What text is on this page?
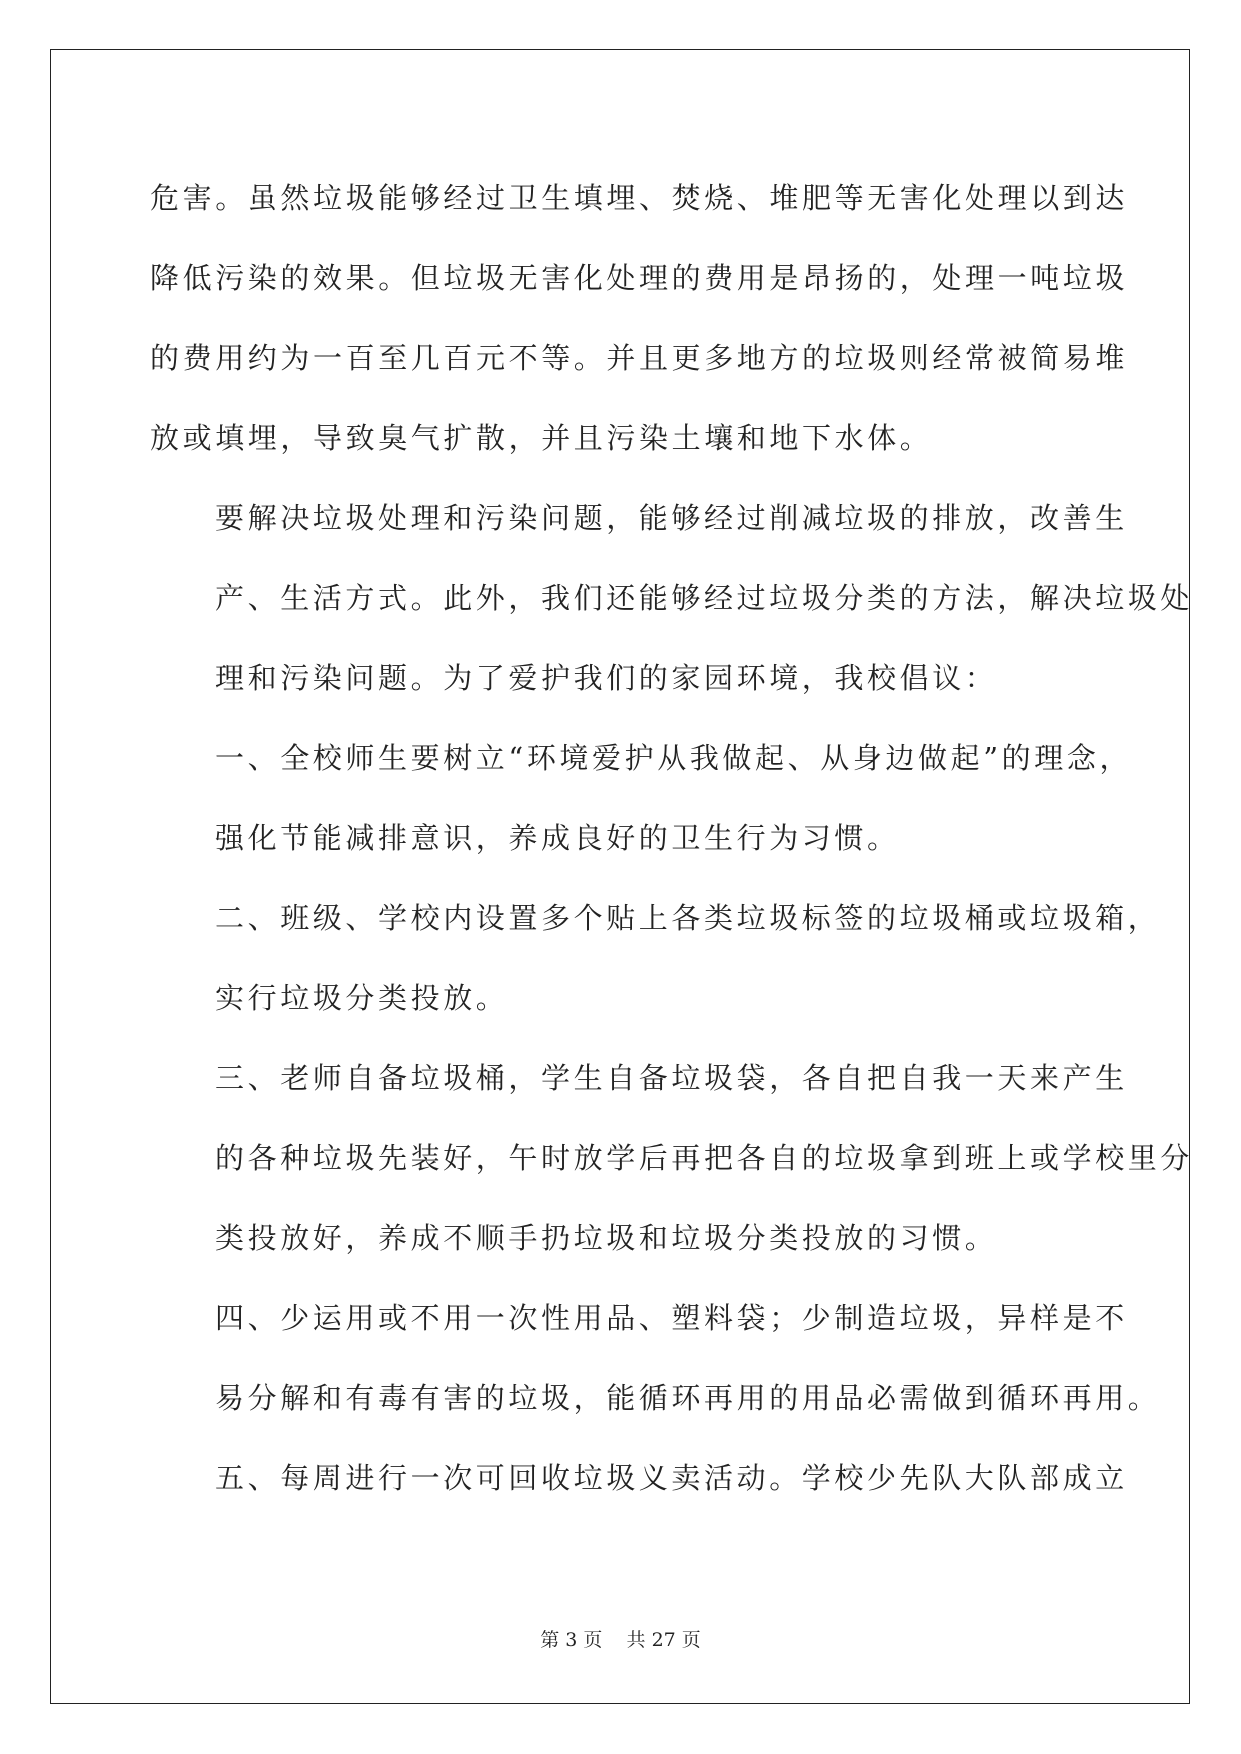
危害。虽然垃圾能够经过卫生填埋、焚烧、堆肥等无害化处理以到达
降低污染的效果。但垃圾无害化处理的费用是昂扬的，处理一吨垃圾
的费用约为一百至几百元不等。并且更多地方的垃圾则经常被简易堆
放或填埋，导致臭气扩散，并且污染土壤和地下水体。

要解决垃圾处理和污染问题，能够经过削减垃圾的排放，改善生
产、生活方式。此外，我们还能够经过垃圾分类的方法，解决垃圾处
理和污染问题。为了爱护我们的家园环境，我校倡议：

一、全校师生要树立“环境爱护从我做起、从身边做起”的理念，
强化节能减排意识，养成良好的卫生行为习惯。

二、班级、学校内设置多个贴上各类垃圾标签的垃圾桶或垃圾箱，
实行垃圾分类投放。

三、老师自备垃圾桶，学生自备垃圾袋，各自把自我一天来产生
的各种垃圾先装好，午时放学后再把各自的垃圾拿到班上或学校里分
类投放好，养成不顺手扔垃圾和垃圾分类投放的习惯。

四、少运用或不用一次性用品、塑料袋；少制造垃圾，异样是不
易分解和有毒有害的垃圾，能循环再用的用品必需做到循环再用。

五、每周进行一次可回收垃圾义卖活动。学校少先队大队部成立

第 3 页 共 27 页
